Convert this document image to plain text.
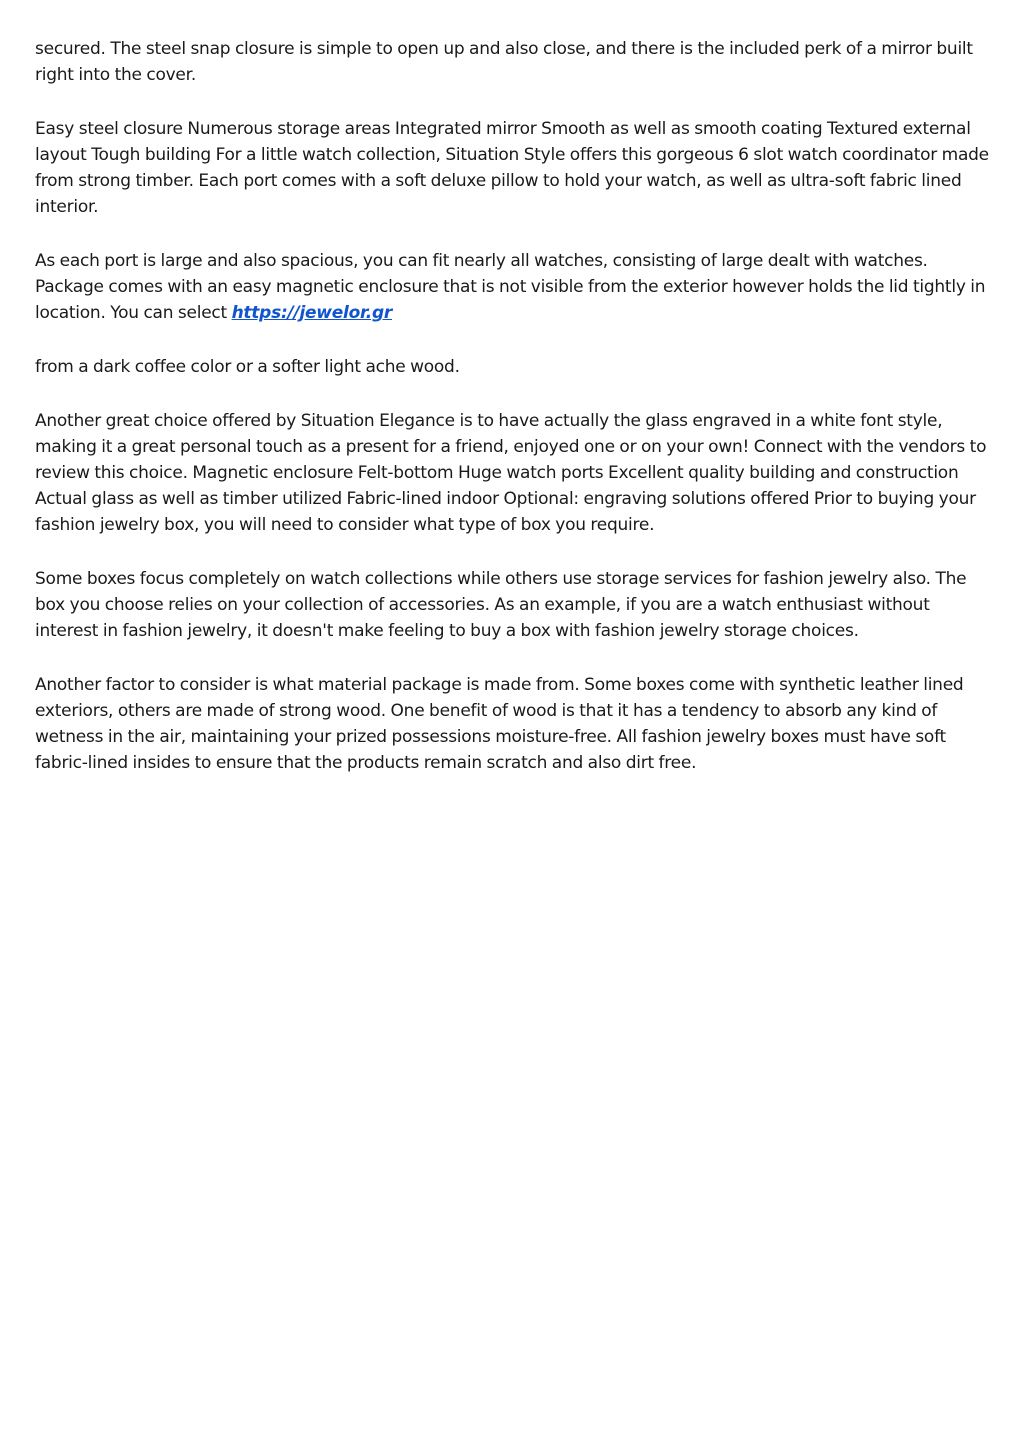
secured. The steel snap closure is simple to open up and also close, and there is the included perk of a mirror built right into the cover.

Easy steel closure Numerous storage areas Integrated mirror Smooth as well as smooth coating Textured external layout Tough building For a little watch collection, Situation Style offers this gorgeous 6 slot watch coordinator made from strong timber. Each port comes with a soft deluxe pillow to hold your watch, as well as ultra-soft fabric lined interior.

As each port is large and also spacious, you can fit nearly all watches, consisting of large dealt with watches. Package comes with an easy magnetic enclosure that is not visible from the exterior however holds the lid tightly in location. You can select https://jewelor.gr

from a dark coffee color or a softer light ache wood.

Another great choice offered by Situation Elegance is to have actually the glass engraved in a white font style, making it a great personal touch as a present for a friend, enjoyed one or on your own! Connect with the vendors to review this choice. Magnetic enclosure Felt-bottom Huge watch ports Excellent quality building and construction Actual glass as well as timber utilized Fabric-lined indoor Optional: engraving solutions offered Prior to buying your fashion jewelry box, you will need to consider what type of box you require.

Some boxes focus completely on watch collections while others use storage services for fashion jewelry also. The box you choose relies on your collection of accessories. As an example, if you are a watch enthusiast without interest in fashion jewelry, it doesn't make feeling to buy a box with fashion jewelry storage choices.

Another factor to consider is what material package is made from. Some boxes come with synthetic leather lined exteriors, others are made of strong wood. One benefit of wood is that it has a tendency to absorb any kind of wetness in the air, maintaining your prized possessions moisture-free. All fashion jewelry boxes must have soft fabric-lined insides to ensure that the products remain scratch and also dirt free.
